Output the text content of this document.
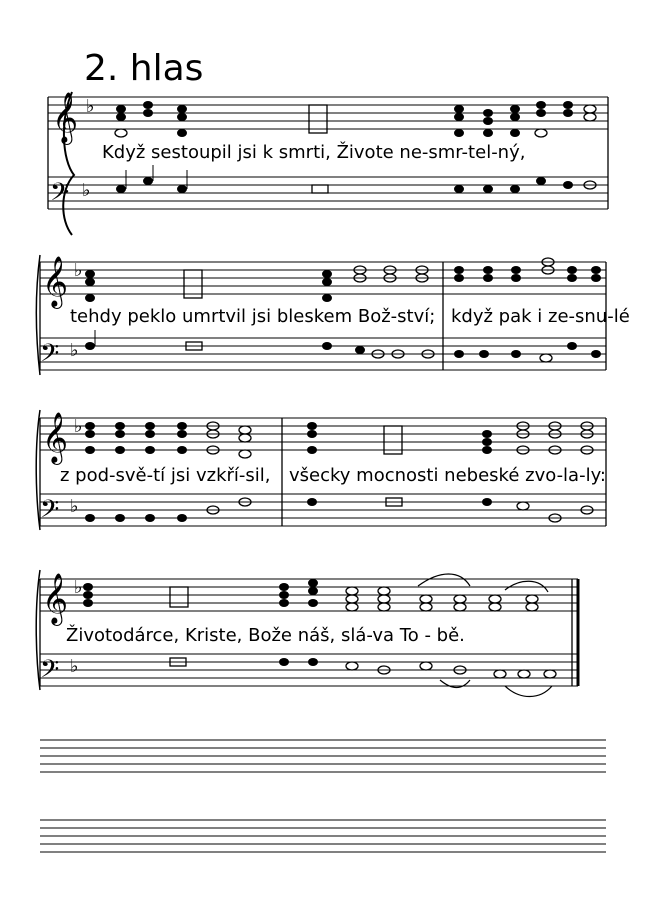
2. hlas
𝄞 ♭
𝄢 ♭
Když sestoupil jsi k smrti, Živote ne-smr-tel-ný,
𝄞 ♭
𝄢 ♭
tehdy peklo umrtvil jsi bleskem Bož-ství; když pak i ze-snu-lé
𝄞 ♭
𝄢 ♭
z pod-svě-tí jsi vzkří-sil, všecky mocnosti nebeské zvo-la-ly:
𝄞 ♭
𝄢 ♭
Životodárce, Kriste, Bože náš, slá-va To - bě.
